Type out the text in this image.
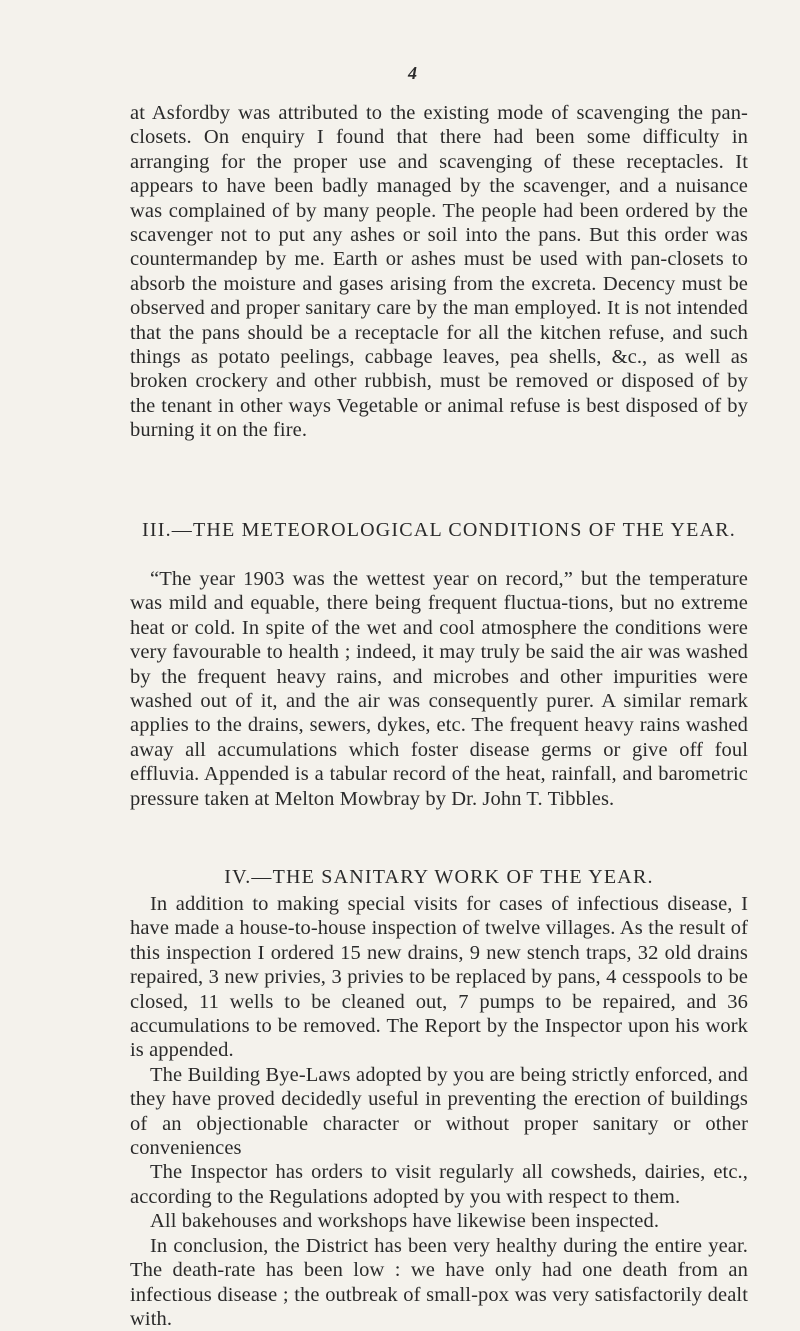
4

at Asfordby was attributed to the existing mode of scavenging the pan-closets. On enquiry I found that there had been some difficulty in arranging for the proper use and scavenging of these receptacles. It appears to have been badly managed by the scavenger, and a nuisance was complained of by many people. The people had been ordered by the scavenger not to put any ashes or soil into the pans. But this order was countermandep by me. Earth or ashes must be used with pan-closets to absorb the moisture and gases arising from the excreta. Decency must be observed and proper sanitary care by the man employed. It is not intended that the pans should be a receptacle for all the kitchen refuse, and such things as potato peelings, cabbage leaves, pea shells, &c., as well as broken crockery and other rubbish, must be removed or disposed of by the tenant in other ways Vegetable or animal refuse is best disposed of by burning it on the fire.

III.—THE METEOROLOGICAL CONDITIONS OF THE YEAR.

“The year 1903 was the wettest year on record,” but the temperature was mild and equable, there being frequent fluctua-tions, but no extreme heat or cold. In spite of the wet and cool atmosphere the conditions were very favourable to health ; indeed, it may truly be said the air was washed by the frequent heavy rains, and microbes and other impurities were washed out of it, and the air was consequently purer. A similar remark applies to the drains, sewers, dykes, etc. The frequent heavy rains washed away all accumulations which foster disease germs or give off foul effluvia. Appended is a tabular record of the heat, rainfall, and barometric pressure taken at Melton Mowbray by Dr. John T. Tibbles.

IV.—THE SANITARY WORK OF THE YEAR.

In addition to making special visits for cases of infectious disease, I have made a house-to-house inspection of twelve villages. As the result of this inspection I ordered 15 new drains, 9 new stench traps, 32 old drains repaired, 3 new privies, 3 privies to be replaced by pans, 4 cesspools to be closed, 11 wells to be cleaned out, 7 pumps to be repaired, and 36 accumulations to be removed. The Report by the Inspector upon his work is appended.

The Building Bye-Laws adopted by you are being strictly enforced, and they have proved decidedly useful in preventing the erection of buildings of an objectionable character or without proper sanitary or other conveniences

The Inspector has orders to visit regularly all cowsheds, dairies, etc., according to the Regulations adopted by you with respect to them.

All bakehouses and workshops have likewise been inspected.

In conclusion, the District has been very healthy during the entire year. The death-rate has been low : we have only had one death from an infectious disease ; the outbreak of small-pox was very satisfactorily dealt with.
